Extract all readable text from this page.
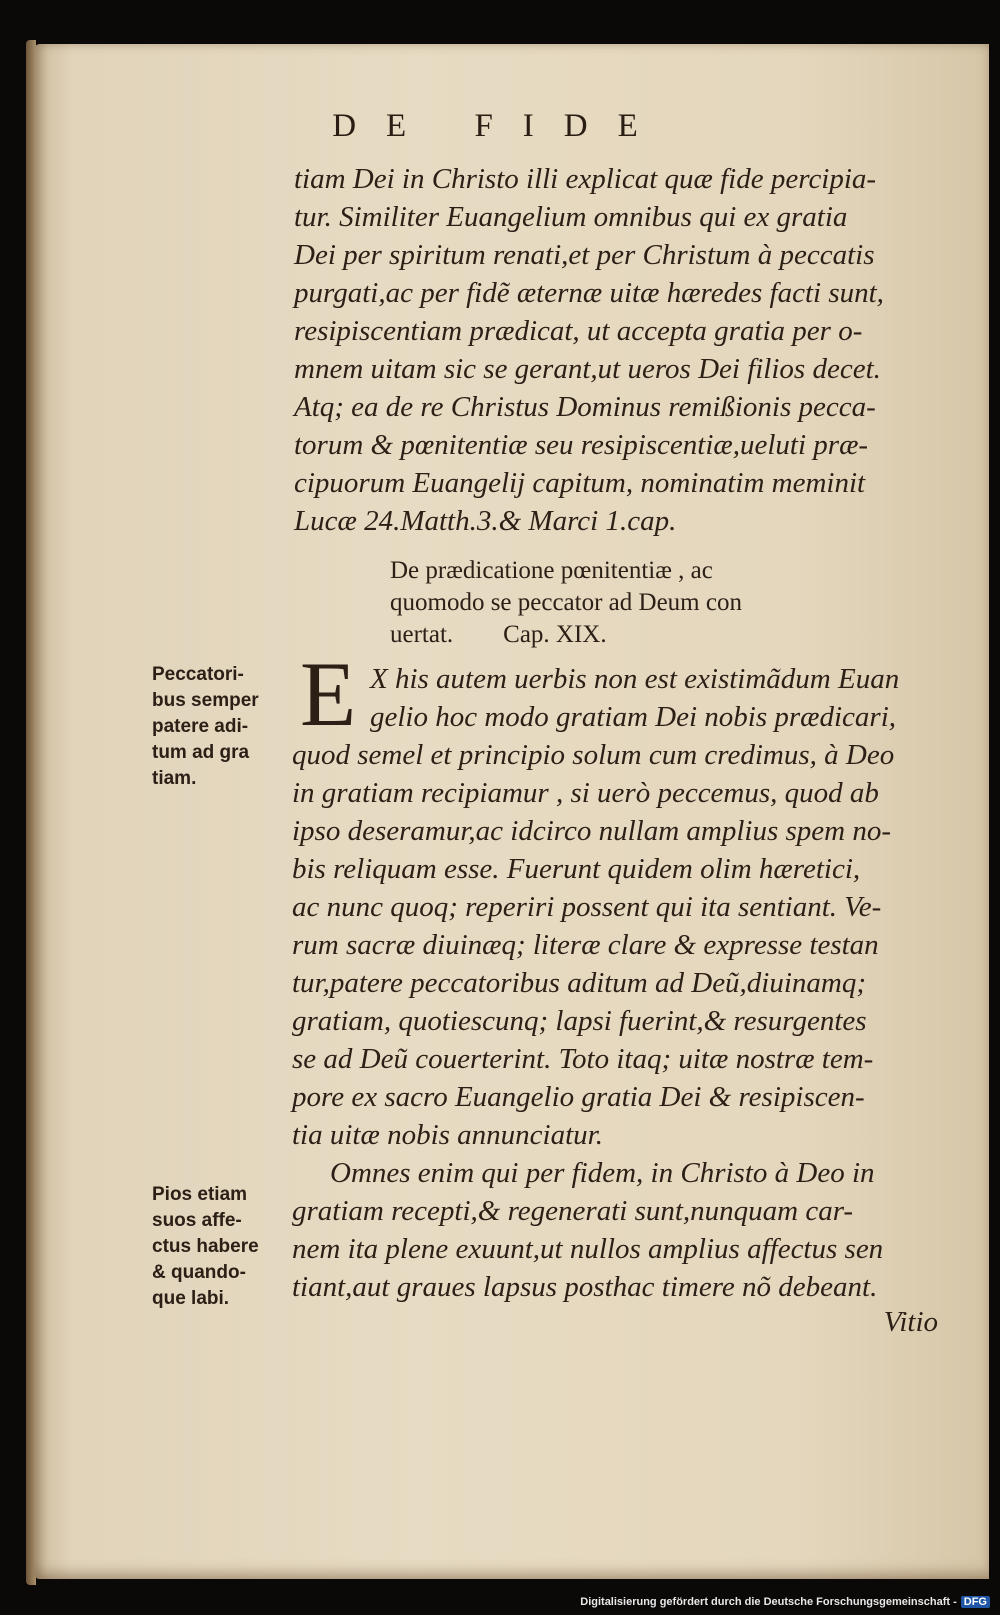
DE FIDE
tiam Dei in Christo illi explicat quæ fide percipia-
tur. Similiter Euangelium omnibus qui ex gratia
Dei per spiritum renati,et per Christum à peccatis
purgati,ac per fidẽ æternæ uitæ hæredes facti sunt,
resipiscentiam prædicat, ut accepta gratia per o-
mnem uitam sic se gerant,ut ueros Dei filios decet.
Atq; ea de re Christus Dominus remißionis pecca-
torum & pœnitentiæ seu resipiscentiæ,ueluti præ-
cipuorum Euangelij capitum, nominatim meminit
Lucæ 24.Matth.3.& Marci 1.cap.
De prædicatione pœnitentiæ , ac
quomodo se peccator ad Deum con
uertat.        Cap. XIX.
Peccatori-
bus semper
patere adi-
tum ad gra
tiam.
E X his autem uerbis non est existimãdum Euan
gelio hoc modo gratiam Dei nobis prædicari,
quod semel et principio solum cum credimus, à Deo
in gratiam recipiamur , si uerò peccemus, quod ab
ipso deseramur,ac idcirco nullam amplius spem no-
bis reliquam esse. Fuerunt quidem olim hæretici,
ac nunc quoq; reperiri possent qui ita sentiant. Ve-
rum sacræ diuinæq; literæ clare & expresse testan
tur,patere peccatoribus aditum ad Deũ,diuinamq;
gratiam, quotiescunq; lapsi fuerint,& resurgentes
se ad Deũ couerterint. Toto itaq; uitæ nostræ tem-
pore ex sacro Euangelio gratia Dei & resipiscen-
tia uitæ nobis annunciatur.
Pios etiam
suos affe-
ctus habere
& quando-
que labi.
Omnes enim qui per fidem, in Christo à Deo in
gratiam recepti,& regenerati sunt,nunquam car-
nem ita plene exuunt,ut nullos amplius affectus sen
tiant,aut graues lapsus posthac timere nõ debeant.
Vitio
Digitalisierung gefördert durch die Deutsche Forschungsgemeinschaft - DFG
